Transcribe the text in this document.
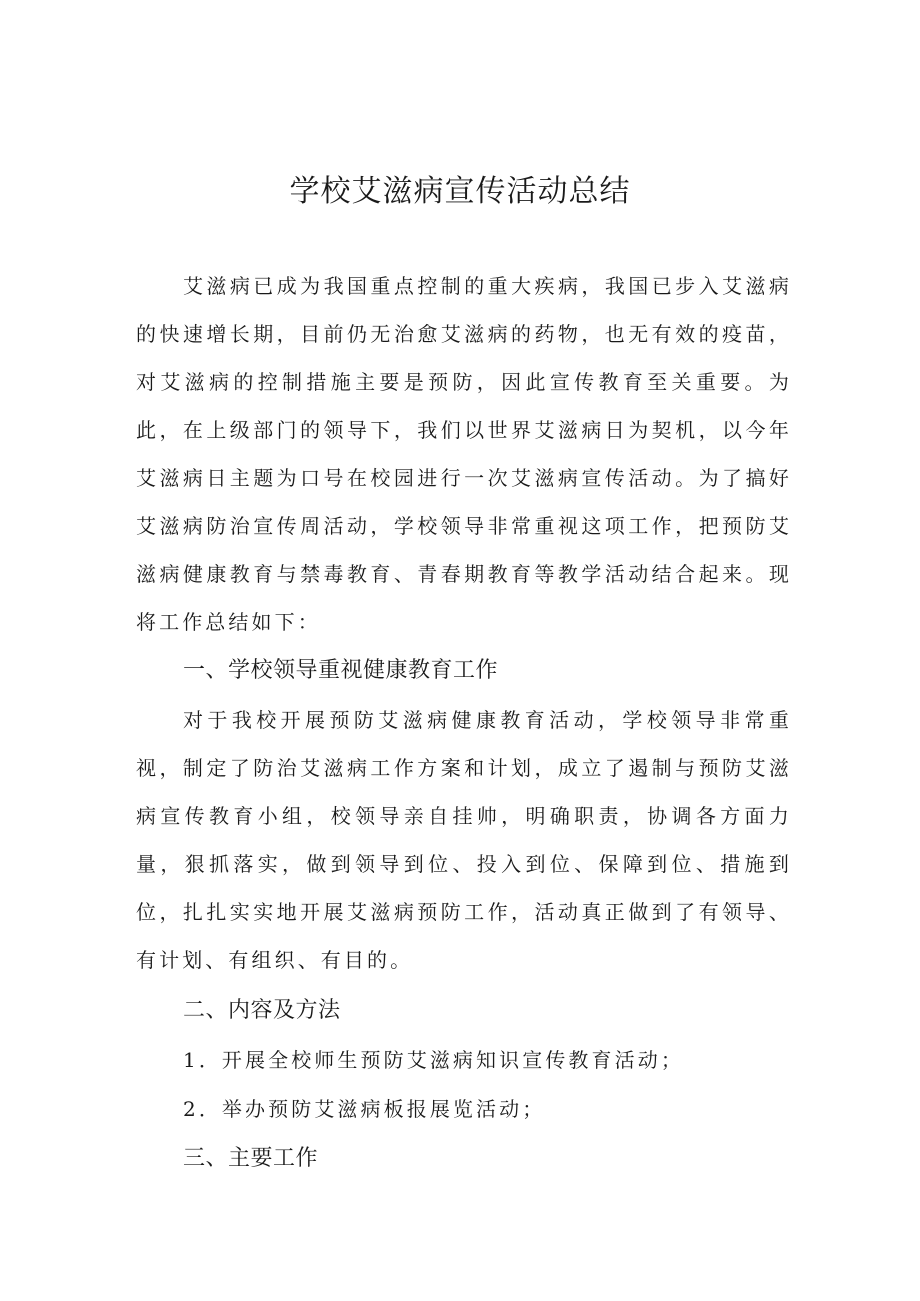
学校艾滋病宣传活动总结

艾滋病已成为我国重点控制的重大疾病，我国已步入艾滋病的快速增长期，目前仍无治愈艾滋病的药物，也无有效的疫苗，对艾滋病的控制措施主要是预防，因此宣传教育至关重要。为此，在上级部门的领导下，我们以世界艾滋病日为契机，以今年艾滋病日主题为口号在校园进行一次艾滋病宣传活动。为了搞好艾滋病防治宣传周活动，学校领导非常重视这项工作，把预防艾滋病健康教育与禁毒教育、青春期教育等教学活动结合起来。现将工作总结如下：

一、学校领导重视健康教育工作

对于我校开展预防艾滋病健康教育活动，学校领导非常重视，制定了防治艾滋病工作方案和计划，成立了遏制与预防艾滋病宣传教育小组，校领导亲自挂帅，明确职责，协调各方面力量，狠抓落实，做到领导到位、投入到位、保障到位、措施到位，扎扎实实地开展艾滋病预防工作，活动真正做到了有领导、有计划、有组织、有目的。

二、内容及方法

1．开展全校师生预防艾滋病知识宣传教育活动；

2．举办预防艾滋病板报展览活动；

三、主要工作
